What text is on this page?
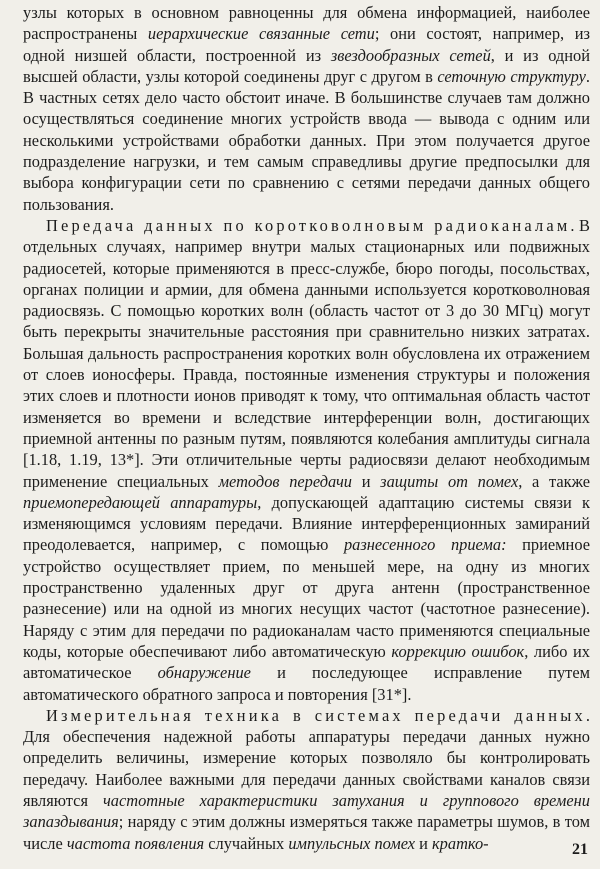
узлы которых в основном равноценны для обмена информацией, наиболее распространены иерархические связанные сети; они состоят, например, из одной низшей области, построенной из звездообразных сетей, и из одной высшей области, узлы которой соединены друг с другом в сеточную структуру. В частных сетях дело часто обстоит иначе. В большинстве случаев там должно осуществляться соединение многих устройств ввода — вывода с одним или несколькими устройствами обработки данных. При этом получается другое подразделение нагрузки, и тем самым справедливы другие предпосылки для выбора конфигурации сети по сравнению с сетями передачи данных общего пользования.

Передача данных по коротковолновым радиоканалам. В отдельных случаях, например внутри малых стационарных или подвижных радиосетей, которые применяются в пресс-службе, бюро погоды, посольствах, органах полиции и армии, для обмена данными используется коротковолновая радиосвязь. С помощью коротких волн (область частот от 3 до 30 МГц) могут быть перекрыты значительные расстояния при сравнительно низких затратах. Большая дальность распространения коротких волн обусловлена их отражением от слоев ионосферы. Правда, постоянные изменения структуры и положения этих слоев и плотности ионов приводят к тому, что оптимальная область частот изменяется во времени и вследствие интерференции волн, достигающих приемной антенны по разным путям, появляются колебания амплитуды сигнала [1.18, 1.19, 13*]. Эти отличительные черты радиосвязи делают необходимым применение специальных методов передачи и защиты от помех, а также приемопередающей аппаратуры, допускающей адаптацию системы связи к изменяющимся условиям передачи. Влияние интерференционных замираний преодолевается, например, с помощью разнесенного приема: приемное устройство осуществляет прием, по меньшей мере, на одну из многих пространственно удаленных друг от друга антенн (пространственное разнесение) или на одной из многих несущих частот (частотное разнесение). Наряду с этим для передачи по радиоканалам часто применяются специальные коды, которые обеспечивают либо автоматическую коррекцию ошибок, либо их автоматическое обнаружение и последующее исправление путем автоматического обратного запроса и повторения [31*].

Измерительная техника в системах передачи данных. Для обеспечения надежной работы аппаратуры передачи данных нужно определить величины, измерение которых позволяло бы контролировать передачу. Наиболее важными для передачи данных свойствами каналов связи являются частотные характеристики затухания и группового времени запаздывания; наряду с этим должны измеряться также параметры шумов, в том числе частота появления случайных импульсных помех и кратко-	21
